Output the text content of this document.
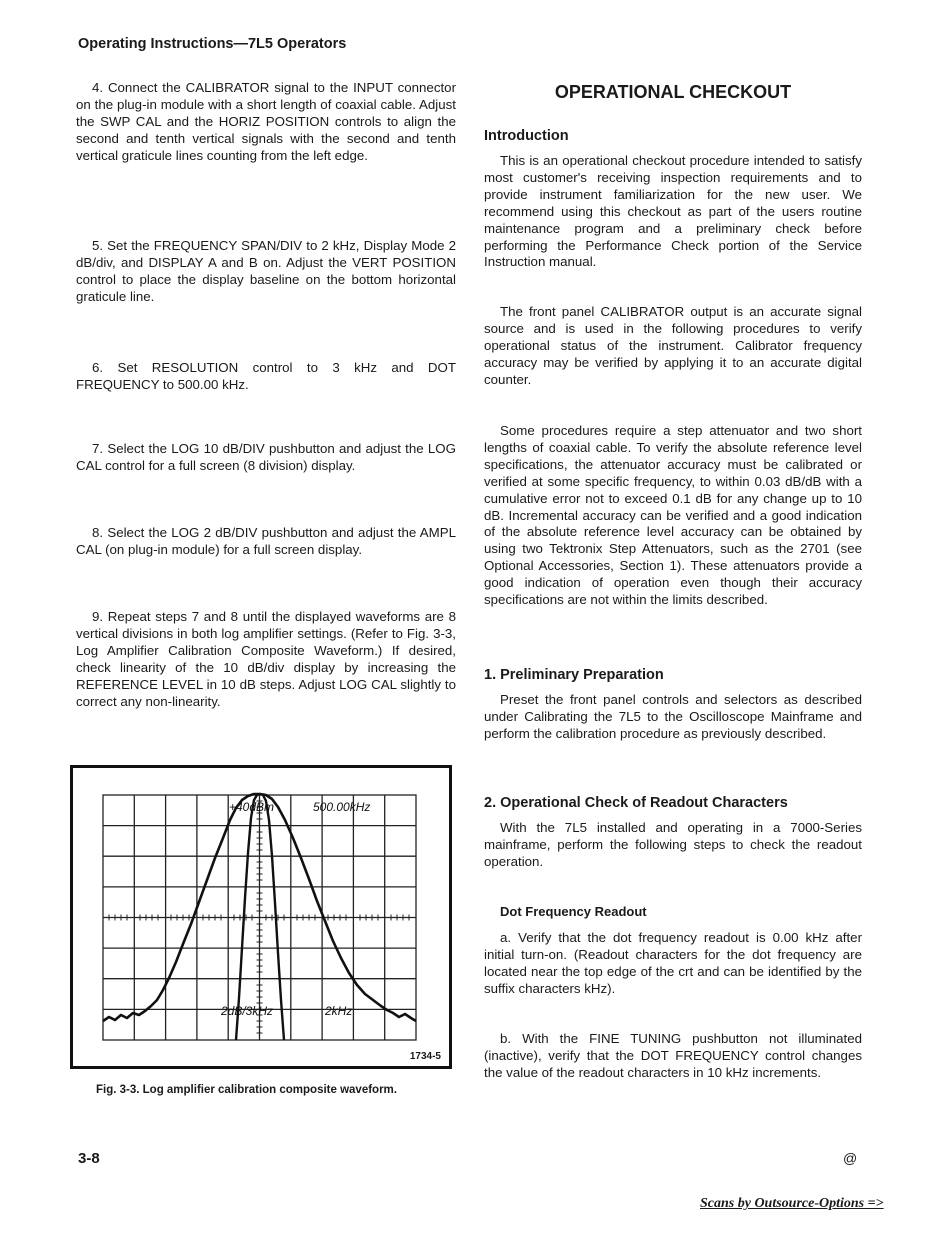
Operating Instructions—7L5 Operators

4. Connect the CALIBRATOR signal to the INPUT connector on the plug-in module with a short length of coaxial cable. Adjust the SWP CAL and the HORIZ POSITION controls to align the second and tenth vertical signals with the second and tenth vertical graticule lines counting from the left edge.

5. Set the FREQUENCY SPAN/DIV to 2 kHz, Display Mode 2 dB/div, and DISPLAY A and B on. Adjust the VERT POSITION control to place the display baseline on the bottom horizontal graticule line.

6. Set RESOLUTION control to 3 kHz and DOT FREQUENCY to 500.00 kHz.

7. Select the LOG 10 dB/DIV pushbutton and adjust the LOG CAL control for a full screen (8 division) display.

8. Select the LOG 2 dB/DIV pushbutton and adjust the AMPL CAL (on plug-in module) for a full screen display.

9. Repeat steps 7 and 8 until the displayed waveforms are 8 vertical divisions in both log amplifier settings. (Refer to Fig. 3-3, Log Amplifier Calibration Composite Waveform.) If desired, check linearity of the 10 dB/div display by increasing the REFERENCE LEVEL in 10 dB steps. Adjust LOG CAL slightly to correct any non-linearity.

+40dBm	500.00kHz
2dB/3kHz	2kHz
1734-5
Fig. 3-3. Log amplifier calibration composite waveform.
OPERATIONAL CHECKOUT
Introduction

This is an operational checkout procedure intended to satisfy most customer's receiving inspection requirements and to provide instrument familiarization for the new user. We recommend using this checkout as part of the users routine maintenance program and a preliminary check before performing the Performance Check portion of the Service Instruction manual.

The front panel CALIBRATOR output is an accurate signal source and is used in the following procedures to verify operational status of the instrument. Calibrator frequency accuracy may be verified by applying it to an accurate digital counter.

Some procedures require a step attenuator and two short lengths of coaxial cable. To verify the absolute reference level specifications, the attenuator accuracy must be calibrated or verified at some specific frequency, to within 0.03 dB/dB with a cumulative error not to exceed 0.1 dB for any change up to 10 dB. Incremental accuracy can be verified and a good indication of the absolute reference level accuracy can be obtained by using two Tektronix Step Attenuators, such as the 2701 (see Optional Accessories, Section 1). These attenuators provide a good indication of operation even though their accuracy specifications are not within the limits described.

1. Preliminary Preparation

Preset the front panel controls and selectors as described under Calibrating the 7L5 to the Oscilloscope Mainframe and perform the calibration procedure as previously described.

2. Operational Check of Readout Characters

With the 7L5 installed and operating in a 7000-Series mainframe, perform the following steps to check the readout operation.

Dot Frequency Readout

a. Verify that the dot frequency readout is 0.00 kHz after initial turn-on. (Readout characters for the dot frequency are located near the top edge of the crt and can be identified by the suffix characters kHz).

b. With the FINE TUNING pushbutton not illuminated (inactive), verify that the DOT FREQUENCY control changes the value of the readout characters in 10 kHz increments.

3-8	@
Scans by Outsource-Options =>
